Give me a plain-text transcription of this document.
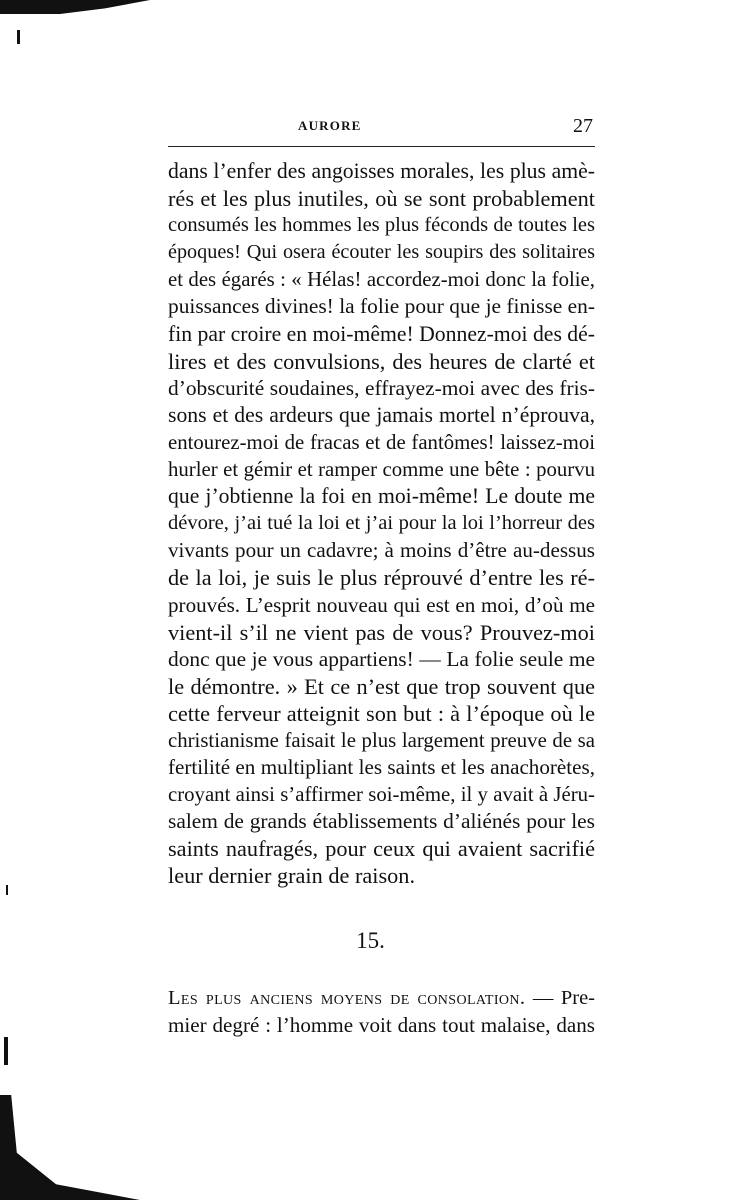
AURORE	27
dans l’enfer des angoisses morales, les plus amè-
rés et les plus inutiles, où se sont probablement
consumés les hommes les plus féconds de toutes les
époques! Qui osera écouter les soupirs des solitaires
et des égarés : « Hélas! accordez-moi donc la folie,
puissances divines! la folie pour que je finisse en-
fin par croire en moi-même! Donnez-moi des dé-
lires et des convulsions, des heures de clarté et
d’obscurité soudaines, effrayez-moi avec des fris-
sons et des ardeurs que jamais mortel n’éprouva,
entourez-moi de fracas et de fantômes! laissez-moi
hurler et gémir et ramper comme une bête : pourvu
que j’obtienne la foi en moi-même! Le doute me
dévore, j’ai tué la loi et j’ai pour la loi l’horreur des
vivants pour un cadavre; à moins d’être au-dessus
de la loi, je suis le plus réprouvé d’entre les ré-
prouvés. L’esprit nouveau qui est en moi, d’où me
vient-il s’il ne vient pas de vous? Prouvez-moi
donc que je vous appartiens! — La folie seule me
le démontre. » Et ce n’est que trop souvent que
cette ferveur atteignit son but : à l’époque où le
christianisme faisait le plus largement preuve de sa
fertilité en multipliant les saints et les anachorètes,
croyant ainsi s’affirmer soi-même, il y avait à Jéru-
salem de grands établissements d’aliénés pour les
saints naufragés, pour ceux qui avaient sacrifié
leur dernier grain de raison.
15.
Les plus anciens moyens de consolation. — Pre-
mier degré : l’homme voit dans tout malaise, dans
